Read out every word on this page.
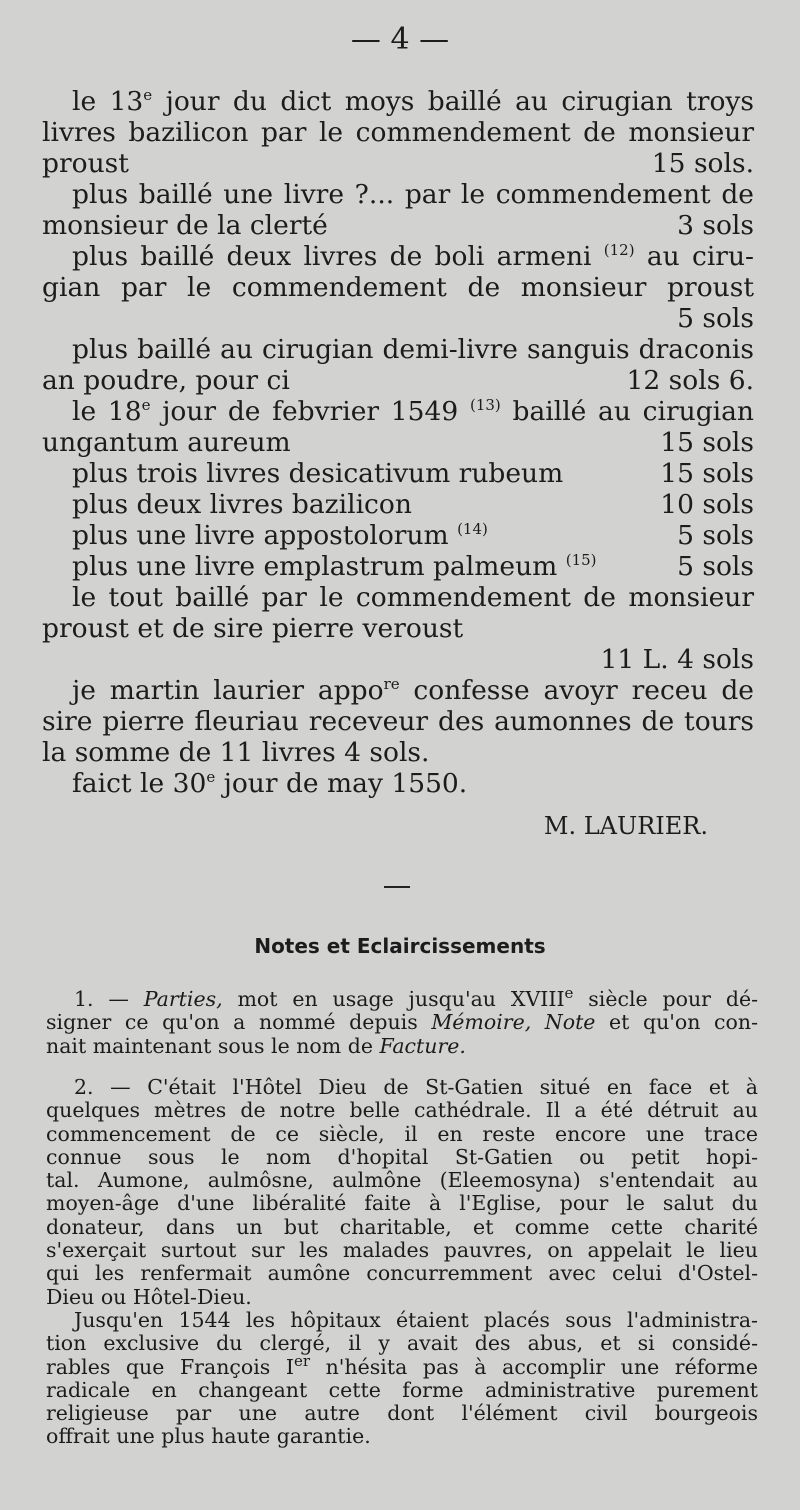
— 4 —
le 13e jour du dict moys baillé au cirugian troys
livres bazilicon par le commendement de monsieur
proust	15 sols.
plus baillé une livre ?... par le commendement de
monsieur de la clerté	3 sols
plus baillé deux livres de boli armeni $^{(12)}$ au ciru-
gian par le commendement de monsieur proust
5 sols
plus baillé au cirugian demi-livre sanguis draconis
an poudre, pour ci	12 sols 6.
le 18e jour de febvrier 1549 $^{(13)}$ baillé au cirugian
ungantum aureum	15 sols
plus trois livres desicativum rubeum	15 sols
plus deux livres bazilicon	10 sols
plus une livre appostolorum $^{(14)}$	5 sols
plus une livre emplastrum palmeum $^{(15)}$	5 sols
le tout baillé par le commendement de monsieur
proust et de sire pierre veroust
11 L. 4 sols
je martin laurier appo$^{re}$ confesse avoyr receu de
sire pierre fleuriau receveur des aumonnes de tours
la somme de 11 livres 4 sols.
faict le 30e jour de may 1550.
M. LAURIER.
Notes et Eclaircissements
1. — Parties, mot en usage jusqu'au XVIIIe siècle pour dé-
signer ce qu'on a nommé depuis Mémoire, Note et qu'on con-
nait maintenant sous le nom de Facture.
2. — C'était l'Hôtel Dieu de St-Gatien situé en face et à
quelques mètres de notre belle cathédrale. Il a été détruit au
commencement de ce siècle, il en reste encore une trace
connue sous le nom d'hopital St-Gatien ou petit hopi-
tal. Aumone, aulmôsne, aulmône (Eleemosyna) s'entendait au
moyen-âge d'une libéralité faite à l'Eglise, pour le salut du
donateur, dans un but charitable, et comme cette charité
s'exerçait surtout sur les malades pauvres, on appelait le lieu
qui les renfermait aumône concurremment avec celui d'Ostel-
Dieu ou Hôtel-Dieu.
Jusqu'en 1544 les hôpitaux étaient placés sous l'administra-
tion exclusive du clergé, il y avait des abus, et si considé-
rables que François Ier n'hésita pas à accomplir une réforme
radicale en changeant cette forme administrative purement
religieuse par une autre dont l'élément civil bourgeois
offrait une plus haute garantie.
